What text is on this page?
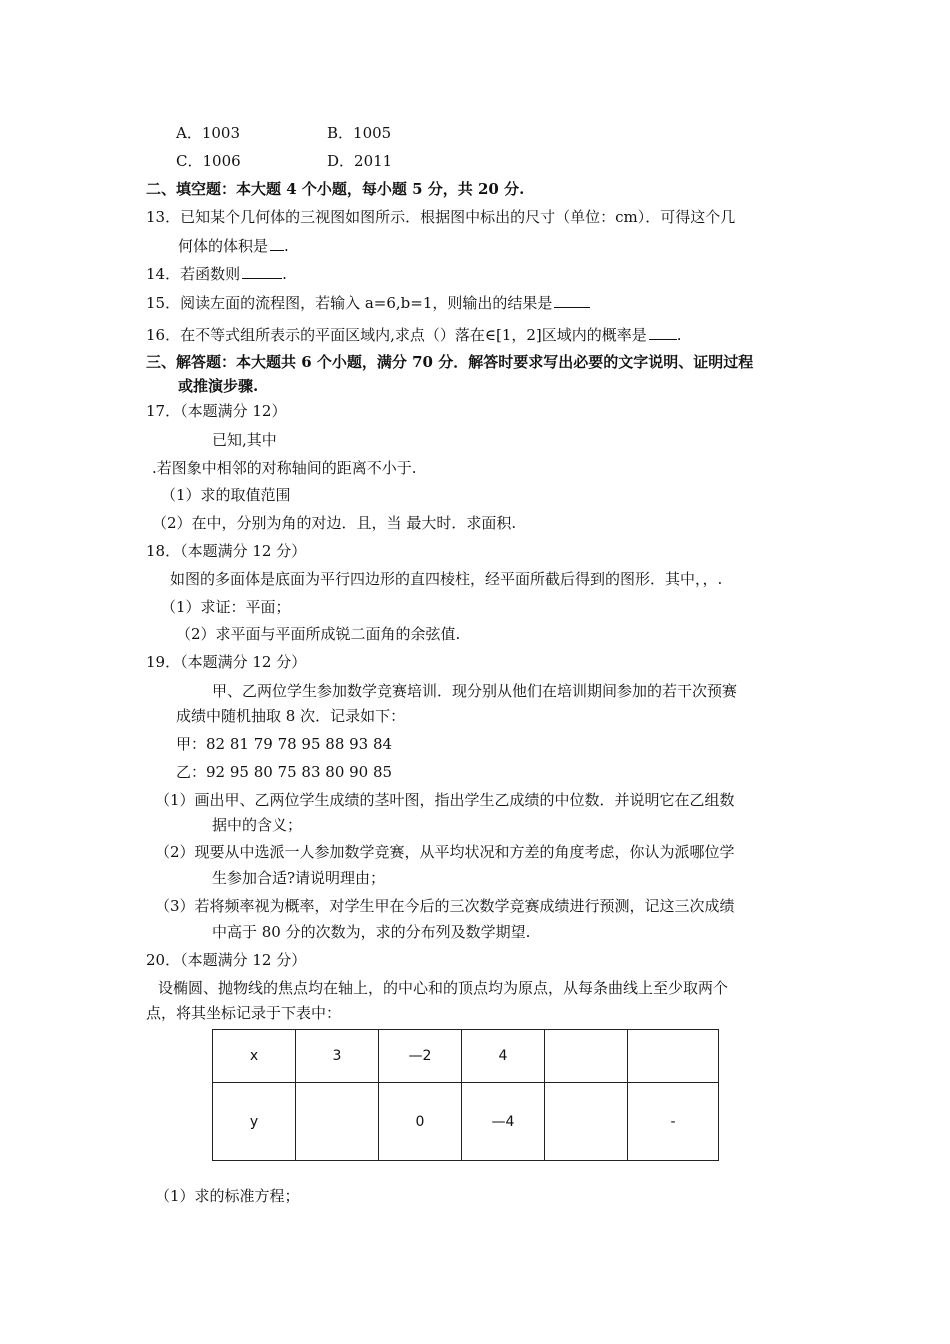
A．1003	B．1005
C．1006	D．2011
二、填空题：本大题 4 个小题，每小题 5 分，共 20 分.
13．已知某个几何体的三视图如图所示．根据图中标出的尺寸（单位：cm）．可得这个几
何体的体积是 .
14．若函数则	.
15．阅读左面的流程图，若输入 a=6,b=1，则输出的结果是
16．在不等式组所表示的平面区域内,求点（）落在∈[1，2]区域内的概率是 .
三、解答题：本大题共 6 个小题，满分 70 分．解答时要求写出必要的文字说明、证明过程
或推演步骤.
17．（本题满分 12）
已知,其中
.若图象中相邻的对称轴间的距离不小于.
（1）求的取值范围
（2）在中，分别为角的对边．且，当 最大时．求面积.
18．（本题满分 12 分）
如图的多面体是底面为平行四边形的直四棱柱，经平面所截后得到的图形．其中，，.
（1）求证：平面；
（2）求平面与平面所成锐二面角的余弦值.
19．（本题满分 12 分）
甲、乙两位学生参加数学竞赛培训．现分别从他们在培训期间参加的若干次预赛
成绩中随机抽取 8 次．记录如下：
甲：82 81 79 78 95 88 93 84
乙：92 95 80 75 83 80 90 85
（1）画出甲、乙两位学生成绩的茎叶图，指出学生乙成绩的中位数．并说明它在乙组数
据中的含义；
（2）现要从中选派一人参加数学竞赛，从平均状况和方差的角度考虑，你认为派哪位学
生参加合适?请说明理由；
（3）若将频率视为概率，对学生甲在今后的三次数学竞赛成绩进行预测，记这三次成绩
中高于 80 分的次数为，求的分布列及数学期望.
20．（本题满分 12 分）
设椭圆、抛物线的焦点均在轴上，的中心和的顶点均为原点，从每条曲线上至少取两个
点，将其坐标记录于下表中：
x	3	—2	4		
y		0	—4		-
（1）求的标准方程；
